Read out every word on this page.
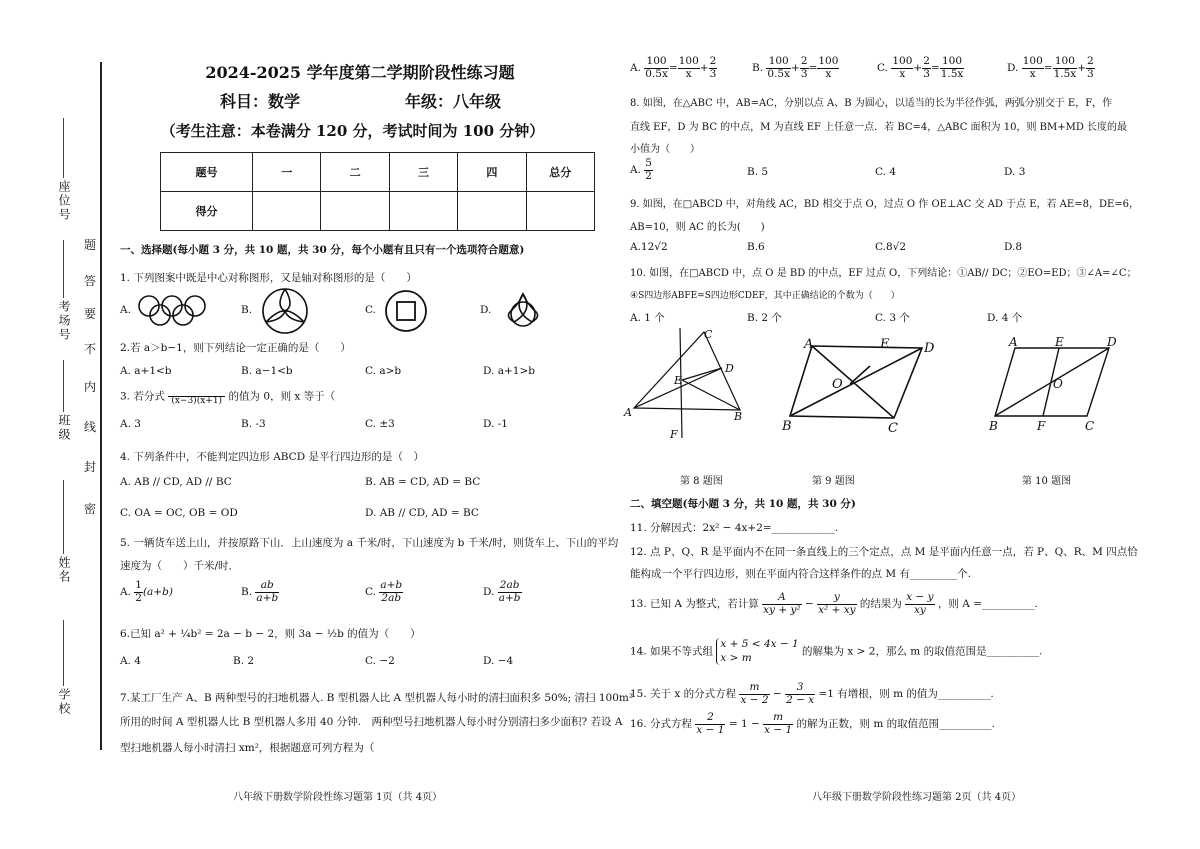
座位号
考场号
班级
姓名
学校
题
答
要
不
内
线
封
密
2024-2025 学年度第二学期阶段性练习题
科目：数学	年级：八年级
（考生注意：本卷满分 120 分，考试时间为 100 分钟）
题号	一	二	三	四	总分
得分					
一、选择题(每小题 3 分，共 10 题，共 30 分，每个小题有且只有一个选项符合题意)
1. 下列图案中既是中心对称图形，又是轴对称图形的是（　　）
A.	B.	C.	D.
2.若 a＞b−1，则下列结论一定正确的是（　　）
A. a+1<b	B. a−1<b	C. a>b	D. a+1>b
3. 若分式
(x−3)(x+1) 的值为 0，则 x 等于（
A. 3	B. -3	C. ±3	D. -1
4. 下列条件中，不能判定四边形 ABCD 是平行四边形的是（　）
A. AB // CD, AD // BC	B. AB = CD, AD = BC
C. OA = OC, OB = OD	D. AB // CD, AD = BC
5. 一辆货车送上山，并按原路下山．上山速度为 a 千米/时，下山速度为 b 千米/时，则货车上、下山的平均
速度为（　　）千米/时．
A. $\frac{1}{2} (a+b)$	B. $\frac{ab}{a+b}$	C. $\frac{a+b}{2ab}$	D. $\frac{2ab}{a+b}$
6.已知 a² + ¼b² = 2a − b − 2，则 3a − ½b 的值为（　　）
A. 4	B. 2	C. −2	D. −4
7.某工厂生产 A、B 两种型号的扫地机器人. B 型机器人比 A 型机器人每小时的清扫面积多 50%; 清扫 100m²
所用的时间 A 型机器人比 B 型机器人多用 40 分钟.　两种型号扫地机器人每小时分别清扫多少面积? 若设 A
型扫地机器人每小时清扫 xm²，根据题意可列方程为（
八年级下册数学阶段性练习题第 1页（共 4页）
A. $\frac{100}{0.5x} = \frac{100}{x} + \frac{2}{3}$	B. $\frac{100}{0.5x} + \frac{2}{3} = \frac{100}{x}$	C. $\frac{100}{x} + \frac{2}{3} = \frac{100}{1.5x}$	D. $\frac{100}{x} = \frac{100}{1.5x} + \frac{2}{3}$
8. 如图，在△ABC 中，AB=AC，分别以点 A、B 为圆心，以适当的长为半径作弧，两弧分别交于 E，F，作
直线 EF，D 为 BC 的中点，M 为直线 EF 上任意一点．若 BC=4，△ABC 面积为 10，则 BM+MD 长度的最
小值为（　　）
A. $\frac{5}{2}$	B. 5	C. 4	D. 3
9. 如图，在□ABCD 中，对角线 AC，BD 相交于点 O，过点 O 作 OE⊥AC 交 AD 于点 E，若 AE=8，DE=6，
AB=10，则 AC 的长为(　　)
A.12√2	B.6	C.8√2	D.8
10. 如图，在□ABCD 中，点 O 是 BD 的中点，EF 过点 O，下列结论：①AB// DC；②EO=ED；③∠A=∠C；
④S四边形ABFE=S四边形CDEF，其中正确结论的个数为（　　）
A. 1 个	B. 2 个	C. 3 个	D. 4 个
C
E
D
A	B
F
A	E	D
O
B	C
A	E	D
O
B	F	C
第 8 题图	第 9 题图	第 10 题图
二、填空题(每小题 3 分，共 10 题，共 30 分)
11. 分解因式：2x² − 4x+2=____________.
12. 点 P、Q、R 是平面内不在同一条直线上的三个定点，点 M 是平面内任意一点，若 P、Q、R、M 四点恰
能构成一个平行四边形，则在平面内符合这样条件的点 M 有_________个.
13. 已知 A 为整式，若计算 $\frac{A}{\text{xy + y²}} - \frac{y}{\text{x² + xy}}$ 的结果为 $\frac{x - y}{xy}$ ，则 A =__________.
14. 如果不等式组
x + 5 < 4x − 1
x > m	的解集为 x > 2，那么 m 的取值范围是__________.
15. 关于 x 的分式方程 $\frac{m}{x - 2} - \frac{3}{2 - x} =1$ 有增根，则 m 的值为__________.
16. 分式方程 $\frac{2}{x - 1} = 1 - \frac{m}{x - 1}$ 的解为正数，则 m 的取值范围__________.
八年级下册数学阶段性练习题第 2页（共 4页）
